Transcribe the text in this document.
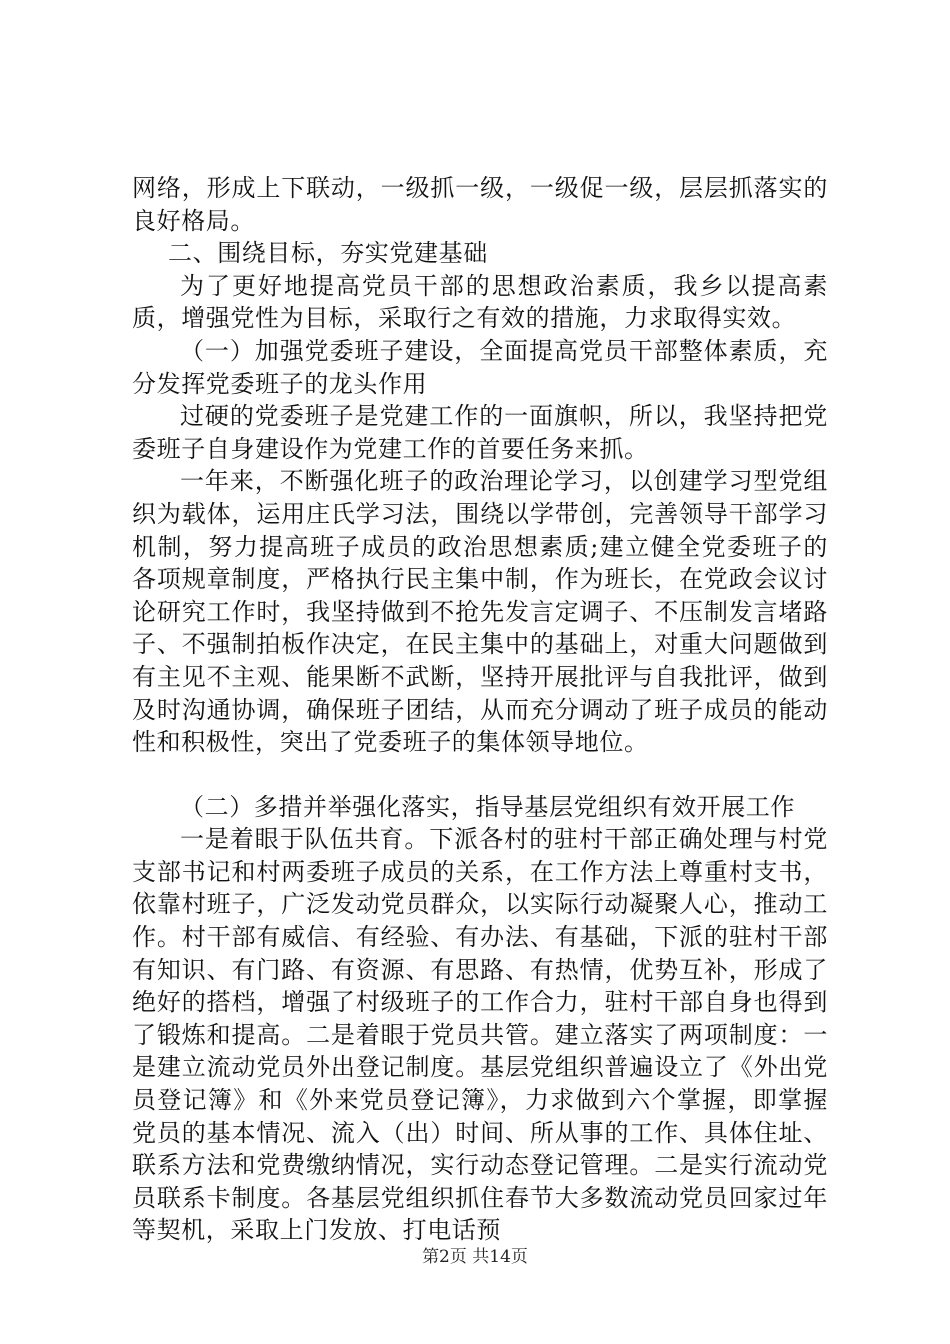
网络，形成上下联动，一级抓一级，一级促一级，层层抓落实的良好格局。

二、围绕目标，夯实党建基础

为了更好地提高党员干部的思想政治素质，我乡以提高素质，增强党性为目标，采取行之有效的措施，力求取得实效。

（一）加强党委班子建设，全面提高党员干部整体素质，充分发挥党委班子的龙头作用

过硬的党委班子是党建工作的一面旗帜，所以，我坚持把党委班子自身建设作为党建工作的首要任务来抓。

一年来，不断强化班子的政治理论学习，以创建学习型党组织为载体，运用庄氏学习法，围绕以学带创，完善领导干部学习机制，努力提高班子成员的政治思想素质;建立健全党委班子的各项规章制度，严格执行民主集中制，作为班长，在党政会议讨论研究工作时，我坚持做到不抢先发言定调子、不压制发言堵路子、不强制拍板作决定，在民主集中的基础上，对重大问题做到有主见不主观、能果断不武断，坚持开展批评与自我批评，做到及时沟通协调，确保班子团结，从而充分调动了班子成员的能动性和积极性，突出了党委班子的集体领导地位。

（二）多措并举强化落实，指导基层党组织有效开展工作

一是着眼于队伍共育。下派各村的驻村干部正确处理与村党支部书记和村两委班子成员的关系，在工作方法上尊重村支书，依靠村班子，广泛发动党员群众，以实际行动凝聚人心，推动工作。村干部有威信、有经验、有办法、有基础，下派的驻村干部有知识、有门路、有资源、有思路、有热情，优势互补，形成了绝好的搭档，增强了村级班子的工作合力，驻村干部自身也得到了锻炼和提高。二是着眼于党员共管。建立落实了两项制度：一是建立流动党员外出登记制度。基层党组织普遍设立了《外出党员登记簿》和《外来党员登记簿》，力求做到六个掌握，即掌握党员的基本情况、流入（出）时间、所从事的工作、具体住址、联系方法和党费缴纳情况，实行动态登记管理。二是实行流动党员联系卡制度。各基层党组织抓住春节大多数流动党员回家过年等契机，采取上门发放、打电话预

第2页 共14页
